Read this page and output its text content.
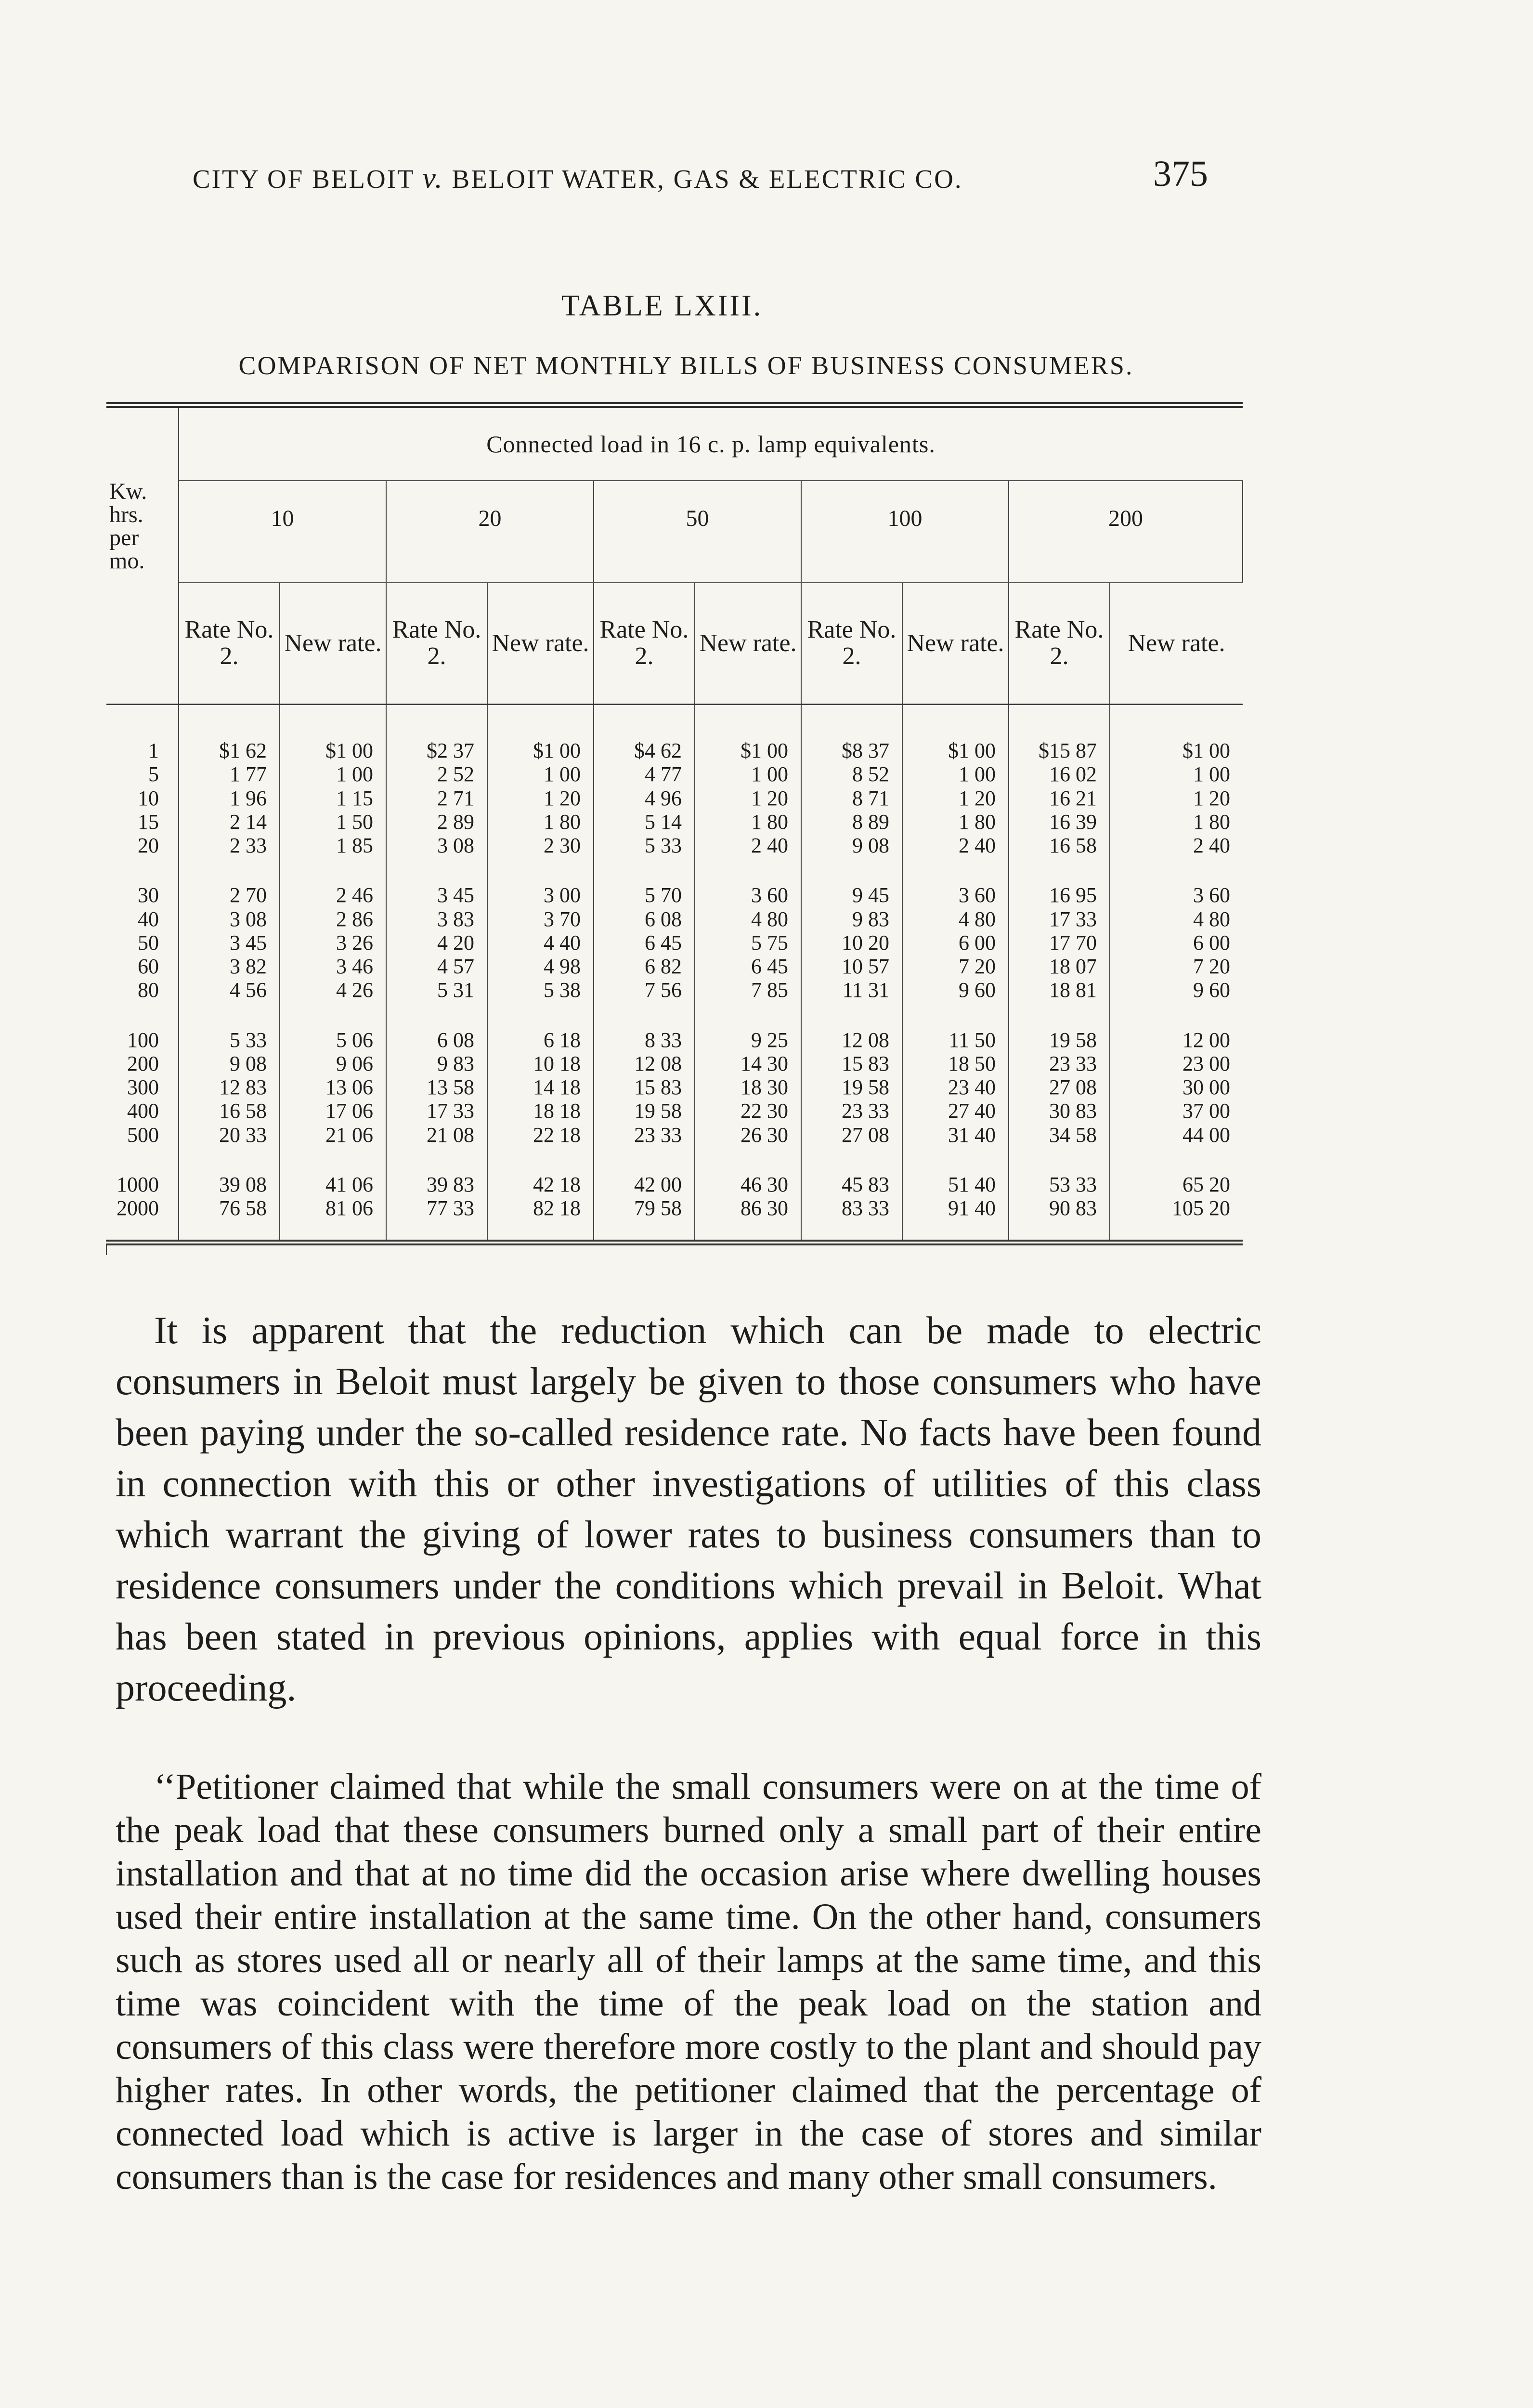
CITY OF BELOIT v. BELOIT WATER, GAS & ELECTRIC CO.	375
TABLE LXIII.
COMPARISON OF NET MONTHLY BILLS OF BUSINESS CONSUMERS.
Kw. hrs. per mo.	Connected load in 16 c. p. lamp equivalents.									
	10		20		50		100		200	
	Rate No. 2.	New rate.	Rate No. 2.	New rate.	Rate No. 2.	New rate.	Rate No. 2.	New rate.	Rate No. 2.	New rate.
1	$1 62	$1 00	$2 37	$1 00	$4 62	$1 00	$8 37	$1 00	$15 87	$1 00
5	1 77	1 00	2 52	1 00	4 77	1 00	8 52	1 00	16 02	1 00
10	1 96	1 15	2 71	1 20	4 96	1 20	8 71	1 20	16 21	1 20
15	2 14	1 50	2 89	1 80	5 14	1 80	8 89	1 80	16 39	1 80
20	2 33	1 85	3 08	2 30	5 33	2 40	9 08	2 40	16 58	2 40
30	2 70	2 46	3 45	3 00	5 70	3 60	9 45	3 60	16 95	3 60
40	3 08	2 86	3 83	3 70	6 08	4 80	9 83	4 80	17 33	4 80
50	3 45	3 26	4 20	4 40	6 45	5 75	10 20	6 00	17 70	6 00
60	3 82	3 46	4 57	4 98	6 82	6 45	10 57	7 20	18 07	7 20
80	4 56	4 26	5 31	5 38	7 56	7 85	11 31	9 60	18 81	9 60
100	5 33	5 06	6 08	6 18	8 33	9 25	12 08	11 50	19 58	12 00
200	9 08	9 06	9 83	10 18	12 08	14 30	15 83	18 50	23 33	23 00
300	12 83	13 06	13 58	14 18	15 83	18 30	19 58	23 40	27 08	30 00
400	16 58	17 06	17 33	18 18	19 58	22 30	23 33	27 40	30 83	37 00
500	20 33	21 06	21 08	22 18	23 33	26 30	27 08	31 40	34 58	44 00
1000	39 08	41 06	39 83	42 18	42 00	46 30	45 83	51 40	53 33	65 20
2000	76 58	81 06	77 33	82 18	79 58	86 30	83 33	91 40	90 83	105 20

It is apparent that the reduction which can be made to electric consumers in Beloit must largely be given to those consumers who have been paying under the so-called residence rate. No facts have been found in connection with this or other investigations of utilities of this class which warrant the giving of lower rates to business consumers than to residence consumers under the conditions which prevail in Beloit. What has been stated in previous opinions, applies with equal force in this proceeding.

‘‘Petitioner claimed that while the small consumers were on at the time of the peak load that these consumers burned only a small part of their entire installation and that at no time did the occasion arise where dwelling houses used their entire installation at the same time. On the other hand, consumers such as stores used all or nearly all of their lamps at the same time, and this time was coincident with the time of the peak load on the station and consumers of this class were therefore more costly to the plant and should pay higher rates. In other words, the petitioner claimed that the percentage of connected load which is active is larger in the case of stores and similar consumers than is the case for residences and many other small consumers.
